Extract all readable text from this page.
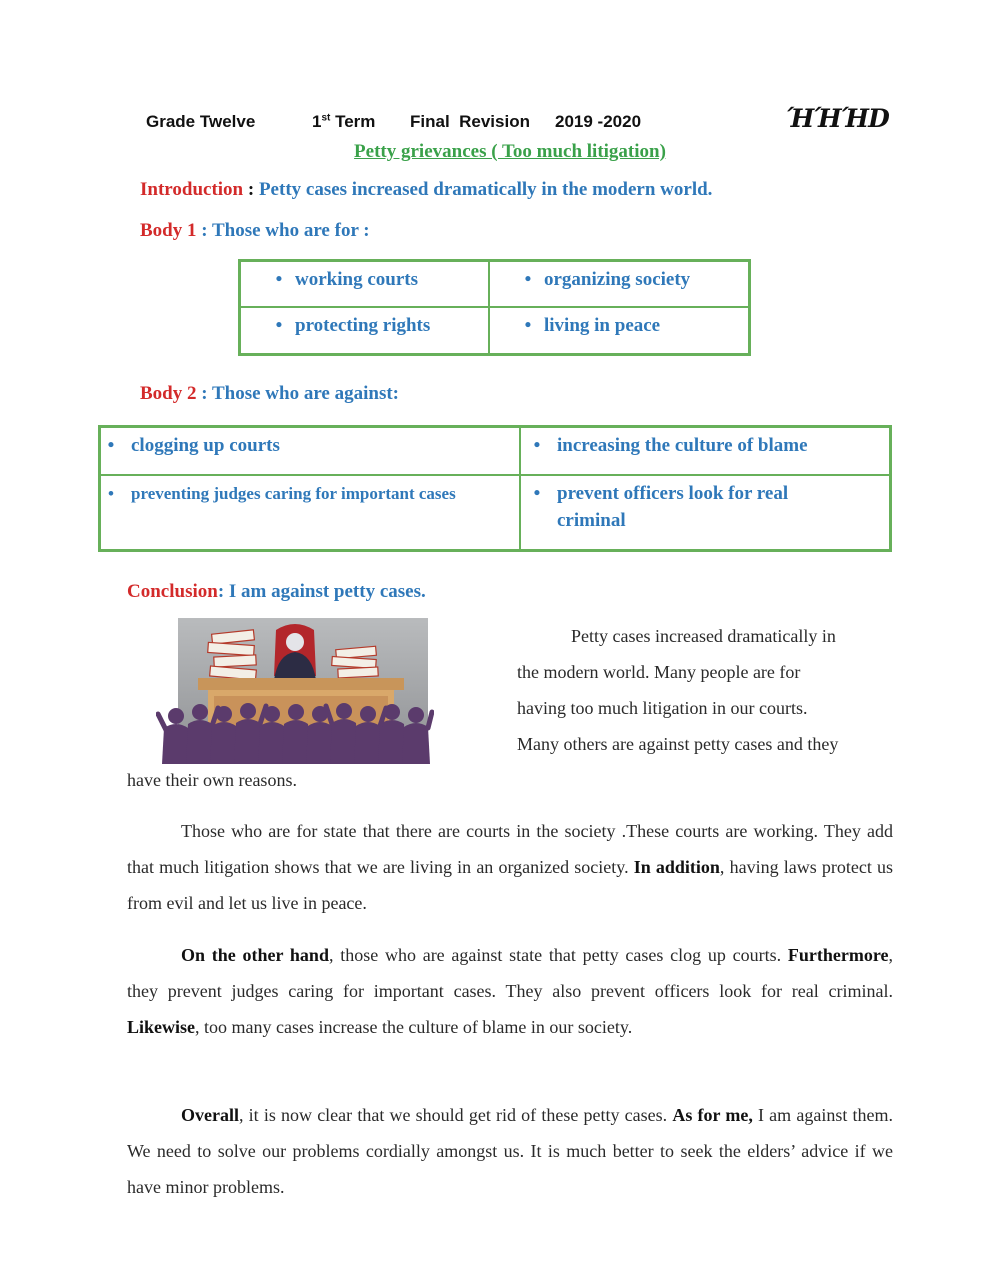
Grade Twelve	1st Term Final  Revision 2019 -2020	ΉΉΉD
Petty grievances ( Too much litigation)
Introduction : Petty cases increased dramatically in the modern world.
Body 1 : Those who are for :
• working courts	• organizing society

• protecting rights	• living in peace
Body 2 : Those who are against:
• clogging up courts	• increasing the culture of blame

• preventing judges caring for important cases	• prevent officers look for real criminal
Conclusion: I am against petty cases.
Petty cases increased dramatically in
the modern world. Many people are for
having too much litigation in our courts.
Many others are against petty cases and they
have their own reasons.
Those who are for state that there are courts in the society .These courts are working. They add that much litigation shows that we are living in an organized society. In addition, having laws protect us from evil and let us live in peace.
On the other hand, those who are against state that petty cases clog up courts. Furthermore, they prevent judges caring for important cases. They also prevent officers look for real criminal. Likewise, too many cases increase the culture of blame in our society.
Overall, it is now clear that we should get rid of these petty cases. As for me, I am against them. We need to solve our problems cordially amongst us. It is much better to seek the elders’ advice if we have minor problems.
